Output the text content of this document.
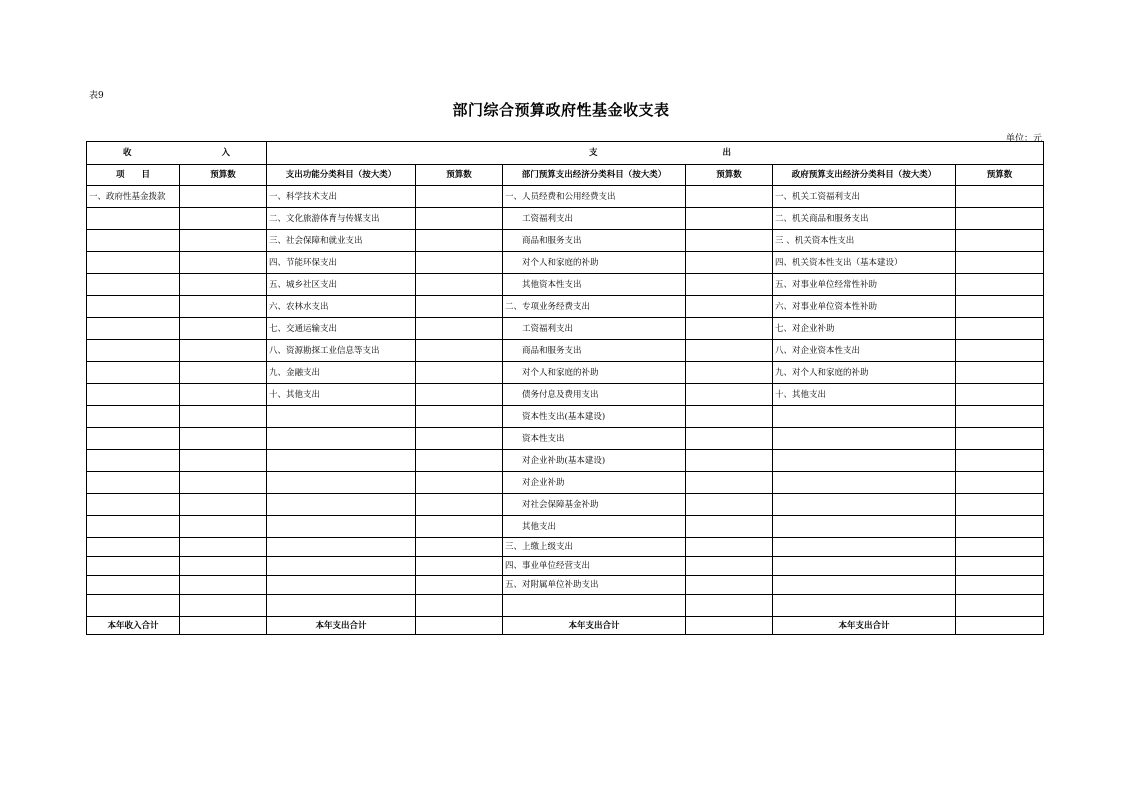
表9
部门综合预算政府性基金收支表
单位：元
收 入		支 出					

项　　目	预算数	支出功能分类科目（按大类）	预算数	部门预算支出经济分类科目（按大类）	预算数	政府预算支出经济分类科目（按大类）	预算数
一、政府性基金拨款		一、科学技术支出		一、人员经费和公用经费支出		一、机关工资福利支出	
		二、文化旅游体育与传媒支出		工资福利支出		二、机关商品和服务支出	
		三、社会保障和就业支出		商品和服务支出		三 、机关资本性支出	
		四、节能环保支出		对个人和家庭的补助		四、机关资本性支出（基本建设）	
		五、城乡社区支出		其他资本性支出		五、对事业单位经常性补助	
		六、农林水支出		二、专项业务经费支出		六、对事业单位资本性补助	
		七、交通运输支出		工资福利支出		七、对企业补助	
		八、资源勘探工业信息等支出		商品和服务支出		八、对企业资本性支出	
		九、金融支出		对个人和家庭的补助		九、对个人和家庭的补助	
		十、其他支出		债务付息及费用支出		十、其他支出	
				资本性支出(基本建设)			
				资本性支出			
				对企业补助(基本建设)			
				对企业补助			
				对社会保障基金补助			
				其他支出			
				三、上缴上级支出			
				四、事业单位经营支出			
				五、对附属单位补助支出			

本年收入合计		本年支出合计		本年支出合计		本年支出合计	
